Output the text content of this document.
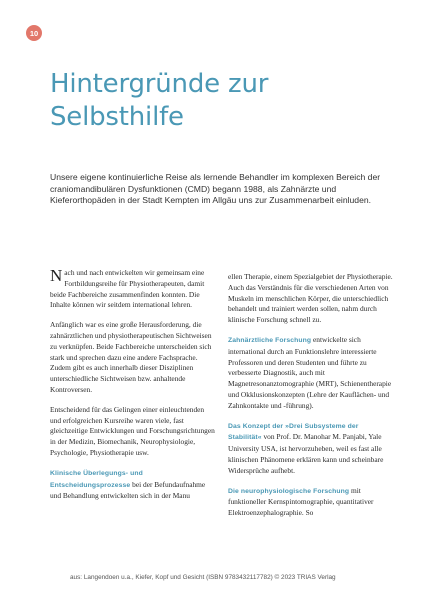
10
Hintergründe zur Selbsthilfe

Unsere eigene kontinuierliche Reise als lernende Behandler im komplexen Bereich der craniomandibulären Dysfunktionen (CMD) begann 1988, als Zahnärzte und Kieferorthopäden in der Stadt Kempten im Allgäu uns zur Zusammenarbeit einluden.

Nach und nach entwickelten wir gemeinsam eine Fortbildungsreihe für Physiotherapeuten, damit beide Fachbereiche zusammenfinden konnten. Die Inhalte können wir seitdem international lehren.

Anfänglich war es eine große Herausforderung, die zahnärztlichen und physiotherapeutischen Sichtweisen zu verknüpfen. Beide Fachbereiche unterscheiden sich stark und sprechen dazu eine andere Fachsprache. Zudem gibt es auch innerhalb dieser Disziplinen unterschiedliche Sichtweisen bzw. anhaltende Kontroversen.

Entscheidend für das Gelingen einer einleuchtenden und erfolgreichen Kursreihe waren viele, fast gleichzeitige Entwicklungen und Forschungsrichtungen in der Medizin, Biomechanik, Neurophysiologie, Psychologie, Physiotherapie usw.

Klinische Überlegungs- und Entscheidungsprozesse bei der Befundaufnahme und Behandlung entwickelten sich in der Manu

ellen Therapie, einem Spezialgebiet der Physiotherapie. Auch das Verständnis für die verschiedenen Arten von Muskeln im menschlichen Körper, die unterschiedlich behandelt und trainiert werden sollen, nahm durch klinische Forschung schnell zu.

Zahnärztliche Forschung entwickelte sich international durch an Funktionslehre interessierte Professoren und deren Studenten und führte zu verbesserte Diagnostik, auch mit Magnetresonanztomographie (MRT), Schienentherapie und Okklusionskonzepten (Lehre der Kauflächen- und Zahnkontakte und -führung).

Das Konzept der »Drei Subsysteme der Stabilität« von Prof. Dr. Manohar M. Panjabi, Yale University USA, ist hervorzuheben, weil es fast alle klinischen Phänomene erklären kann und scheinbare Widersprüche aufhebt.

Die neurophysiologische Forschung mit funktioneller Kernspintomographie, quantitativer Elektroenzephalographie. So

aus: Langendoen u.a., Kiefer, Kopf und Gesicht (ISBN 9783432117782) © 2023 TRIAS Verlag
